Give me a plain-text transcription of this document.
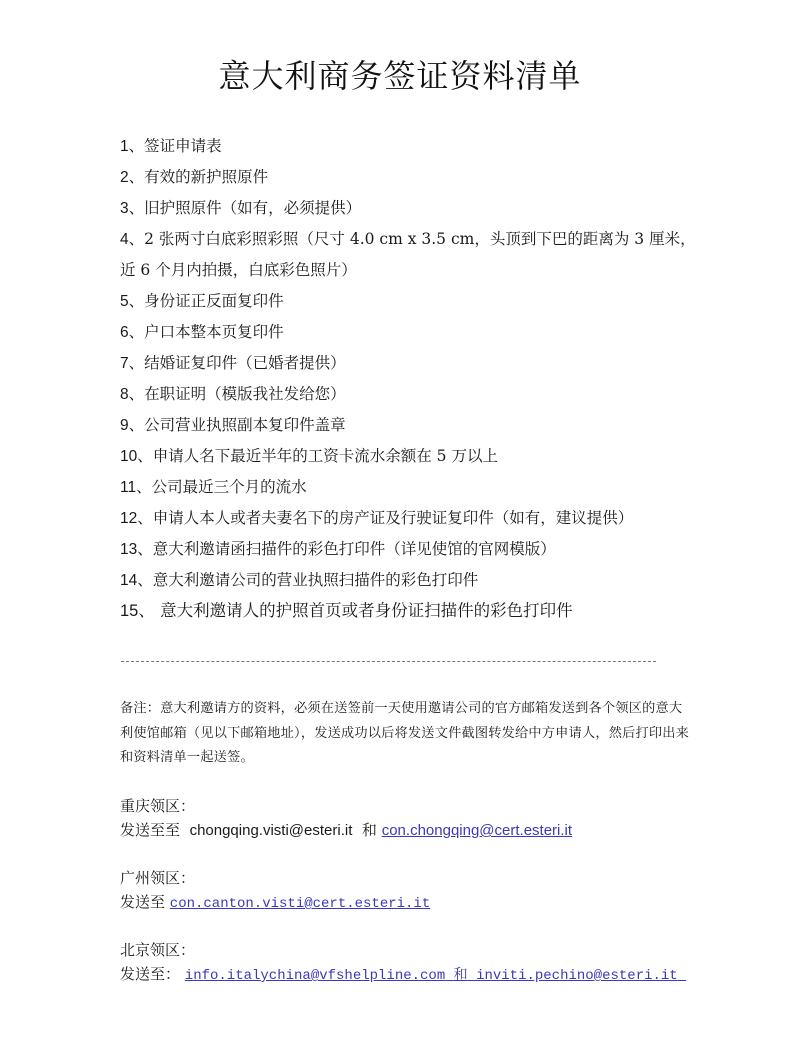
意大利商务签证资料清单
1、签证申请表
2、有效的新护照原件
3、旧护照原件（如有，必须提供）
4、2 张两寸白底彩照彩照（尺寸 4.0 cm x 3.5 cm，头顶到下巴的距离为 3 厘米，
近 6 个月内拍摄，白底彩色照片）
5、身份证正反面复印件
6、户口本整本页复印件
7、结婚证复印件（已婚者提供）
8、在职证明（模版我社发给您）
9、公司营业执照副本复印件盖章
10、申请人名下最近半年的工资卡流水余额在 5 万以上
11、公司最近三个月的流水
12、申请人本人或者夫妻名下的房产证及行驶证复印件（如有，建议提供）
13、意大利邀请函扫描件的彩色打印件（详见使馆的官网模版）
14、意大利邀请公司的营业执照扫描件的彩色打印件
15、 意大利邀请人的护照首页或者身份证扫描件的彩色打印件
备注：意大利邀请方的资料，必须在送签前一天使用邀请公司的官方邮箱发送到各个领区的意大利使馆邮箱（见以下邮箱地址），发送成功以后将发送文件截图转发给中方申请人，然后打印出来和资料清单一起送签。
重庆领区：
发送至至 chongqing.visti@esteri.it 和 con.chongqing@cert.esteri.it
广州领区：
发送至 con.canton.visti@cert.esteri.it
北京领区：
发送至： info.italychina@vfshelpline.com 和 inviti.pechino@esteri.it
